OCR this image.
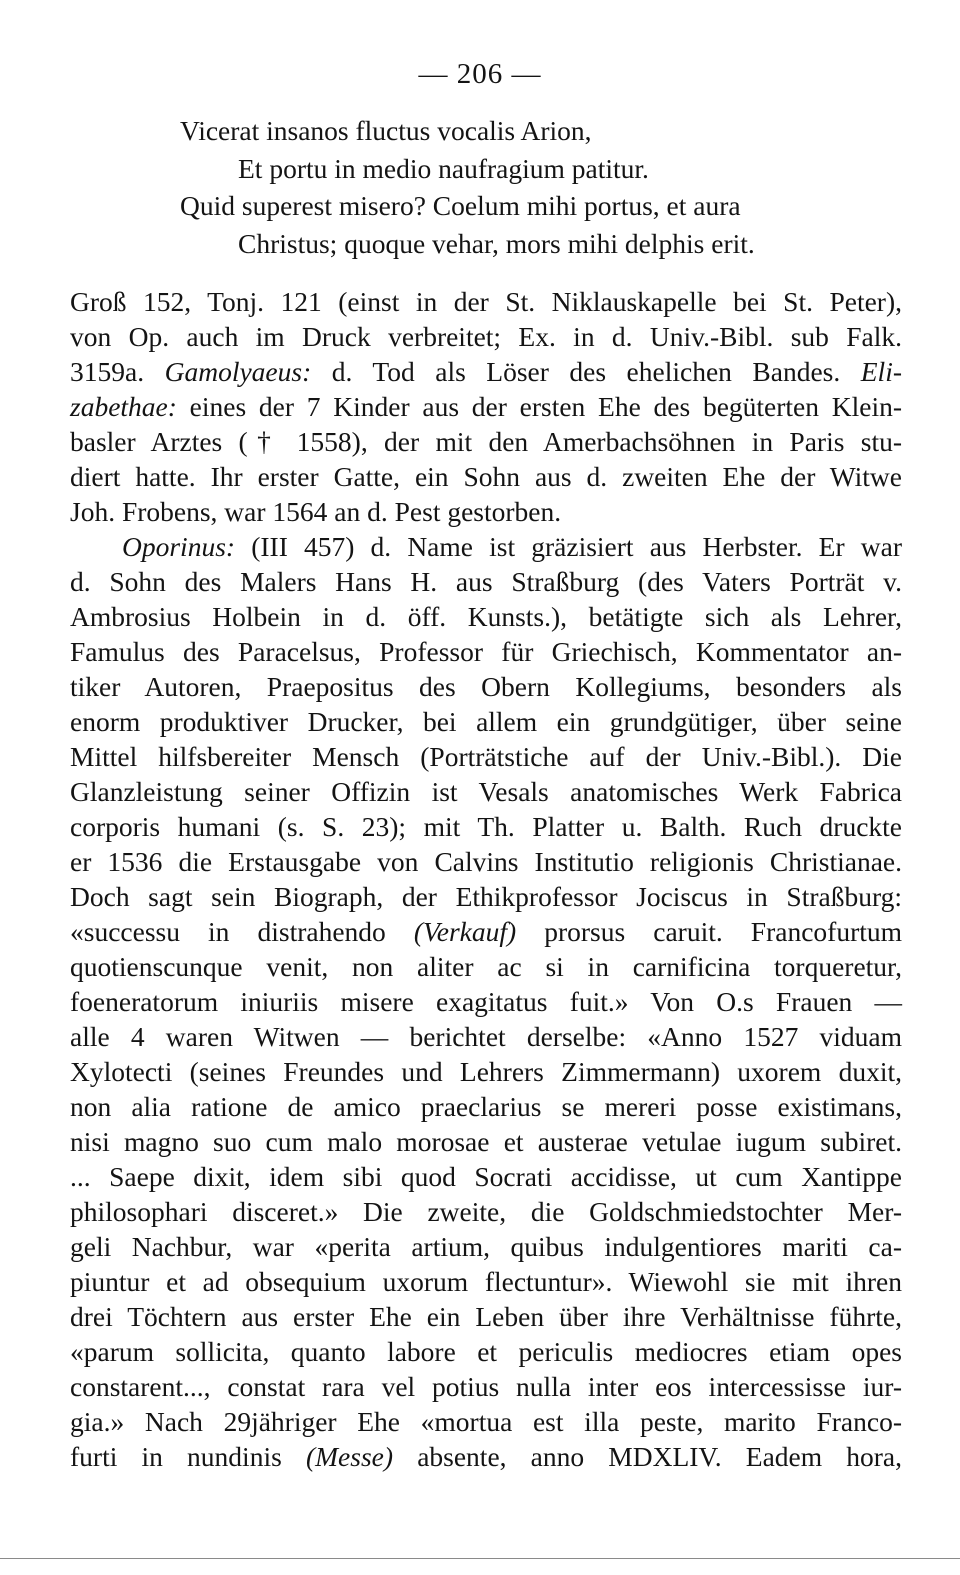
— 206 —
Vicerat insanos fluctus vocalis Arion,
Et portu in medio naufragium patitur.
Quid superest misero? Coelum mihi portus, et aura
Christus; quoque vehar, mors mihi delphis erit.
Groß 152, Tonj. 121 (einst in der St. Niklauskapelle bei St. Peter),
von Op. auch im Druck verbreitet; Ex. in d. Univ.-Bibl. sub Falk.
3159a. Gamolyaeus: d. Tod als Löser des ehelichen Bandes. Eli-
zabethae: eines der 7 Kinder aus der ersten Ehe des begüterten Klein-
basler Arztes († 1558), der mit den Amerbachsöhnen in Paris stu-
diert hatte. Ihr erster Gatte, ein Sohn aus d. zweiten Ehe der Witwe
Joh. Frobens, war 1564 an d. Pest gestorben.
Oporinus: (III 457) d. Name ist gräzisiert aus Herbster. Er war
d. Sohn des Malers Hans H. aus Straßburg (des Vaters Porträt v.
Ambrosius Holbein in d. öff. Kunsts.), betätigte sich als Lehrer,
Famulus des Paracelsus, Professor für Griechisch, Kommentator an-
tiker Autoren, Praepositus des Obern Kollegiums, besonders als
enorm produktiver Drucker, bei allem ein grundgütiger, über seine
Mittel hilfsbereiter Mensch (Porträtstiche auf der Univ.-Bibl.). Die
Glanzleistung seiner Offizin ist Vesals anatomisches Werk Fabrica
corporis humani (s. S. 23); mit Th. Platter u. Balth. Ruch druckte
er 1536 die Erstausgabe von Calvins Institutio religionis Christianae.
Doch sagt sein Biograph, der Ethikprofessor Jociscus in Straßburg:
«successu in distrahendo (Verkauf) prorsus caruit. Francofurtum
quotienscunque venit, non aliter ac si in carnificina torqueretur,
foeneratorum iniuriis misere exagitatus fuit.» Von O.s Frauen —
alle 4 waren Witwen — berichtet derselbe: «Anno 1527 viduam
Xylotecti (seines Freundes und Lehrers Zimmermann) uxorem duxit,
non alia ratione de amico praeclarius se mereri posse existimans,
nisi magno suo cum malo morosae et austerae vetulae iugum subiret.
... Saepe dixit, idem sibi quod Socrati accidisse, ut cum Xantippe
philosophari disceret.» Die zweite, die Goldschmiedstochter Mer-
geli Nachbur, war «perita artium, quibus indulgentiores mariti ca-
piuntur et ad obsequium uxorum flectuntur». Wiewohl sie mit ihren
drei Töchtern aus erster Ehe ein Leben über ihre Verhältnisse führte,
«parum sollicita, quanto labore et periculis mediocres etiam opes
constarent..., constat rara vel potius nulla inter eos intercessisse iur-
gia.» Nach 29jähriger Ehe «mortua est illa peste, marito Franco-
furti in nundinis (Messe) absente, anno MDXLIV. Eadem hora,
